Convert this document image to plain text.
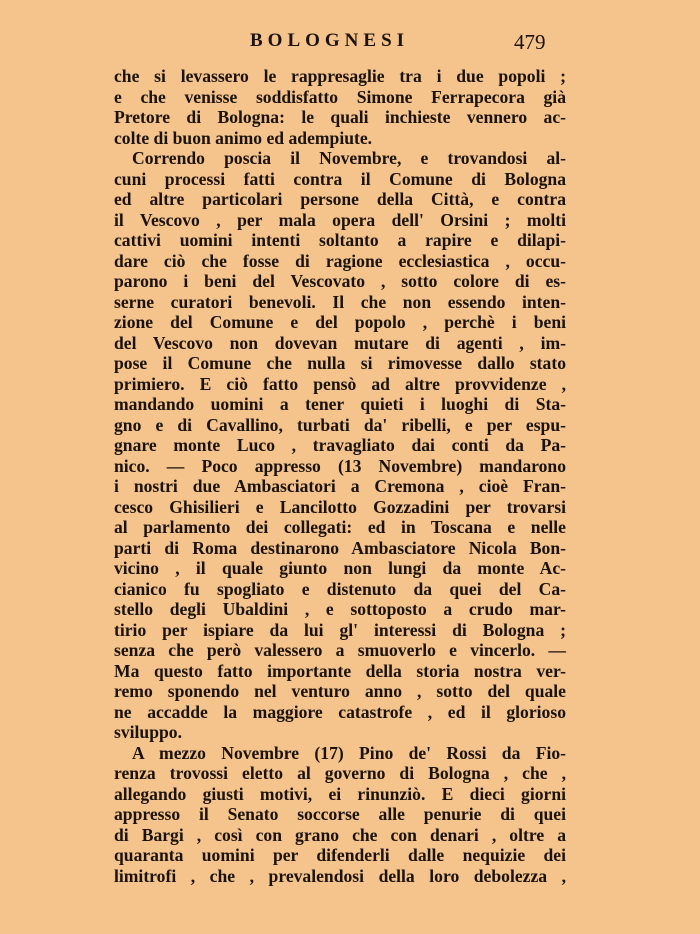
BOLOGNESI	479
che si levassero le rappresaglie tra i due popoli ;
e che venisse soddisfatto Simone Ferrapecora già
Pretore di Bologna: le quali inchieste vennero ac-
colte di buon animo ed adempiute.
Correndo poscia il Novembre, e trovandosi al-
cuni processi fatti contra il Comune di Bologna
ed altre particolari persone della Città, e contra
il Vescovo , per mala opera dell' Orsini ; molti
cattivi uomini intenti soltanto a rapire e dilapi-
dare ciò che fosse di ragione ecclesiastica , occu-
parono i beni del Vescovato , sotto colore di es-
serne curatori benevoli. Il che non essendo inten-
zione del Comune e del popolo , perchè i beni
del Vescovo non dovevan mutare di agenti , im-
pose il Comune che nulla si rimovesse dallo stato
primiero. E ciò fatto pensò ad altre provvidenze ,
mandando uomini a tener quieti i luoghi di Sta-
gno e di Cavallino, turbati da' ribelli, e per espu-
gnare monte Luco , travagliato dai conti da Pa-
nico. — Poco appresso (13 Novembre) mandarono
i nostri due Ambasciatori a Cremona , cioè Fran-
cesco Ghisilieri e Lancilotto Gozzadini per trovarsi
al parlamento dei collegati: ed in Toscana e nelle
parti di Roma destinarono Ambasciatore Nicola Bon-
vicino , il quale giunto non lungi da monte Ac-
cianico fu spogliato e distenuto da quei del Ca-
stello degli Ubaldini , e sottoposto a crudo mar-
tirio per ispiare da lui gl' interessi di Bologna ;
senza che però valessero a smuoverlo e vincerlo. —
Ma questo fatto importante della storia nostra ver-
remo sponendo nel venturo anno , sotto del quale
ne accadde la maggiore catastrofe , ed il glorioso
sviluppo.
A mezzo Novembre (17) Pino de' Rossi da Fio-
renza trovossi eletto al governo di Bologna , che ,
allegando giusti motivi, ei rinunziò. E dieci giorni
appresso il Senato soccorse alle penurie di quei
di Bargi , così con grano che con denari , oltre a
quaranta uomini per difenderli dalle nequizie dei
limitrofi , che , prevalendosi della loro debolezza ,
